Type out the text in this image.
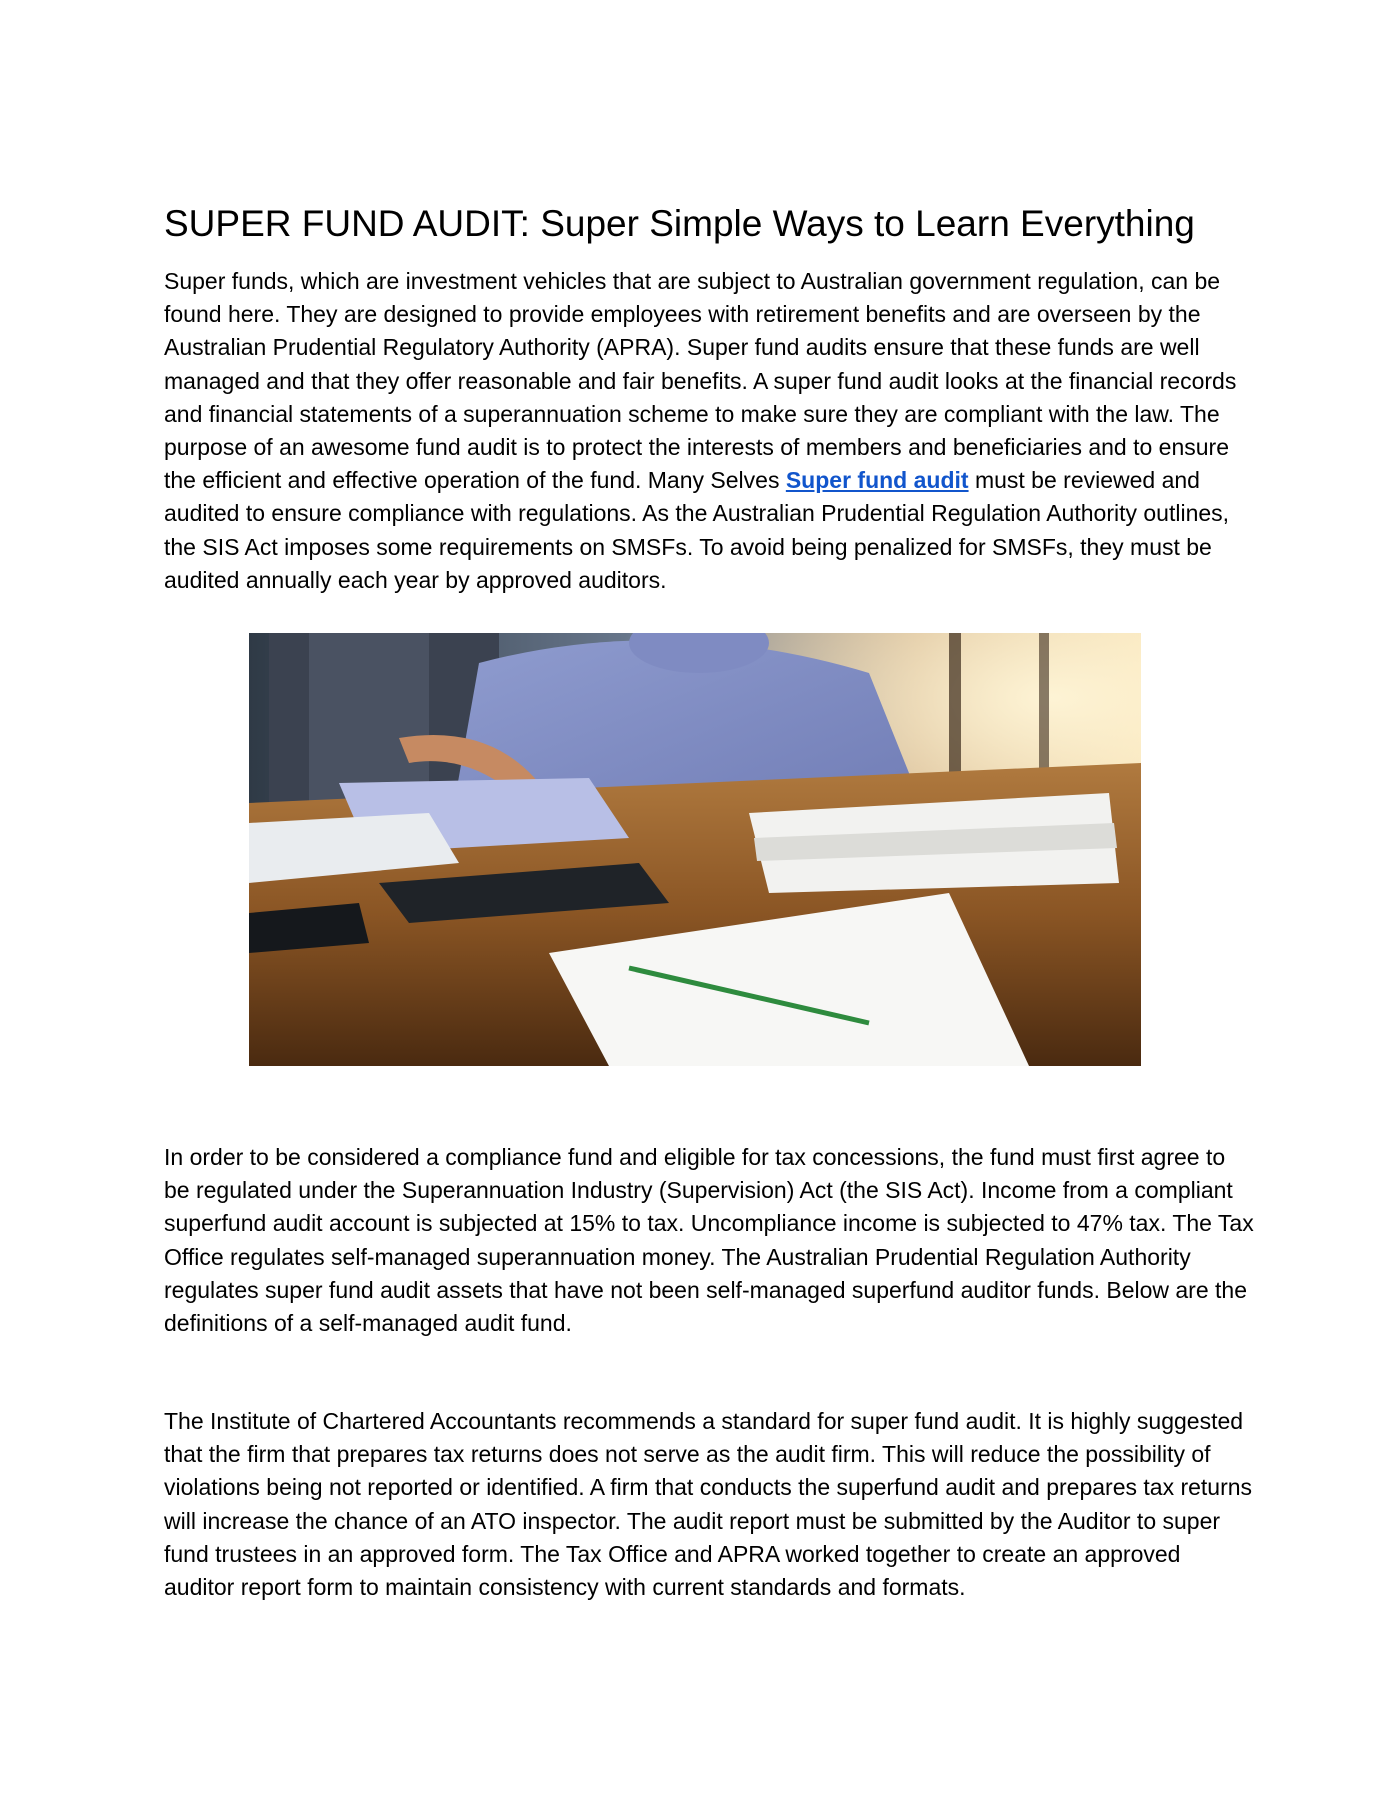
SUPER FUND AUDIT: Super Simple Ways to Learn Everything

Super funds, which are investment vehicles that are subject to Australian government regulation, can be found here. They are designed to provide employees with retirement benefits and are overseen by the Australian Prudential Regulatory Authority (APRA). Super fund audits ensure that these funds are well managed and that they offer reasonable and fair benefits. A super fund audit looks at the financial records and financial statements of a superannuation scheme to make sure they are compliant with the law. The purpose of an awesome fund audit is to protect the interests of members and beneficiaries and to ensure the efficient and effective operation of the fund. Many Selves Super fund audit must be reviewed and audited to ensure compliance with regulations. As the Australian Prudential Regulation Authority outlines, the SIS Act imposes some requirements on SMSFs. To avoid being penalized for SMSFs, they must be audited annually each year by approved auditors.

In order to be considered a compliance fund and eligible for tax concessions, the fund must first agree to be regulated under the Superannuation Industry (Supervision) Act (the SIS Act). Income from a compliant superfund audit account is subjected at 15% to tax. Uncompliance income is subjected to 47% tax. The Tax Office regulates self-managed superannuation money. The Australian Prudential Regulation Authority regulates super fund audit assets that have not been self-managed superfund auditor funds. Below are the definitions of a self-managed audit fund.

The Institute of Chartered Accountants recommends a standard for super fund audit. It is highly suggested that the firm that prepares tax returns does not serve as the audit firm. This will reduce the possibility of violations being not reported or identified. A firm that conducts the superfund audit and prepares tax returns will increase the chance of an ATO inspector. The audit report must be submitted by the Auditor to super fund trustees in an approved form. The Tax Office and APRA worked together to create an approved auditor report form to maintain consistency with current standards and formats.
